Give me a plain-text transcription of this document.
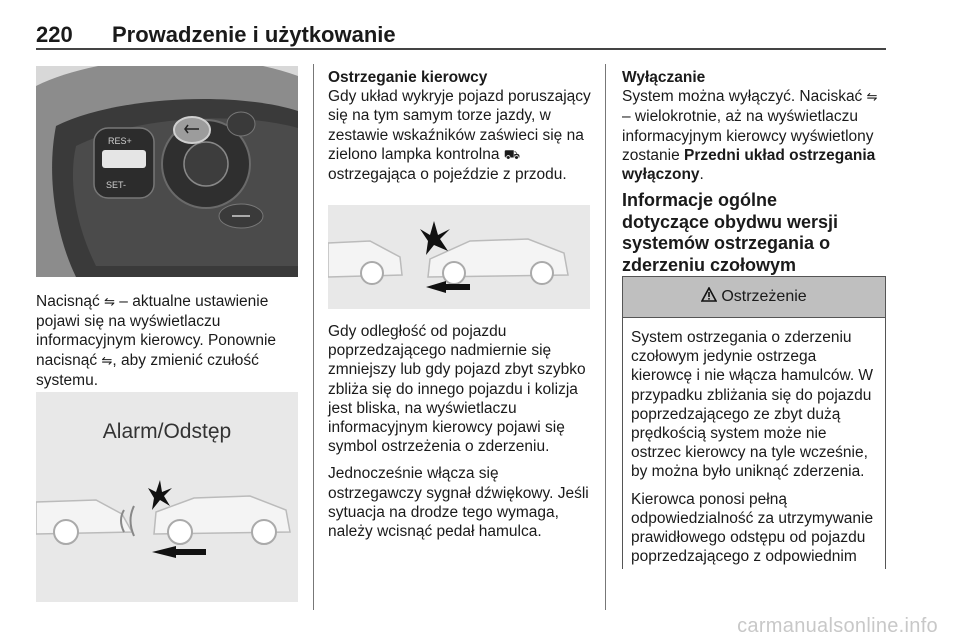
220 Prowadzenie i użytkowanie
RES+
SET-

Nacisnąć ⇋ – aktualne ustawienie pojawi się na wyświetlaczu informacyjnym kierowcy. Ponownie nacisnąć ⇋, aby zmienić czułość systemu.

Alarm/Odstęp
Ostrzeganie kierowcy

Gdy układ wykryje pojazd poruszający się na tym samym torze jazdy, w zestawie wskaźników zaświeci się na zielono lampka kontrolna ⛟ ostrzegająca o pojeździe z przodu.

Gdy odległość od pojazdu poprzedzającego nadmiernie się zmniejszy lub gdy pojazd zbyt szybko zbliża się do innego pojazdu i kolizja jest bliska, na wyświetlaczu informacyjnym kierowcy pojawi się symbol ostrzeżenia o zderzeniu.

Jednocześnie włącza się ostrzegawczy sygnał dźwiękowy. Jeśli sytuacja na drodze tego wymaga, należy wcisnąć pedał hamulca.

Wyłączanie

System można wyłączyć. Naciskać ⇋ – wielokrotnie, aż na wyświetlaczu informacyjnym kierowcy wyświetlony zostanie Przedni układ ostrzegania wyłączony.

Informacje ogólne dotyczące obydwu wersji systemów ostrzegania o zderzeniu czołowym
Ostrzeżenie

System ostrzegania o zderzeniu czołowym jedynie ostrzega kierowcę i nie włącza hamulców. W przypadku zbliżania się do pojazdu poprzedzającego ze zbyt dużą prędkością system może nie ostrzec kierowcy na tyle wcześnie, by można było uniknąć zderzenia.

Kierowca ponosi pełną odpowiedzialność za utrzymywanie prawidłowego odstępu od pojazdu poprzedzającego z odpowiednim

carmanualsonline.info
